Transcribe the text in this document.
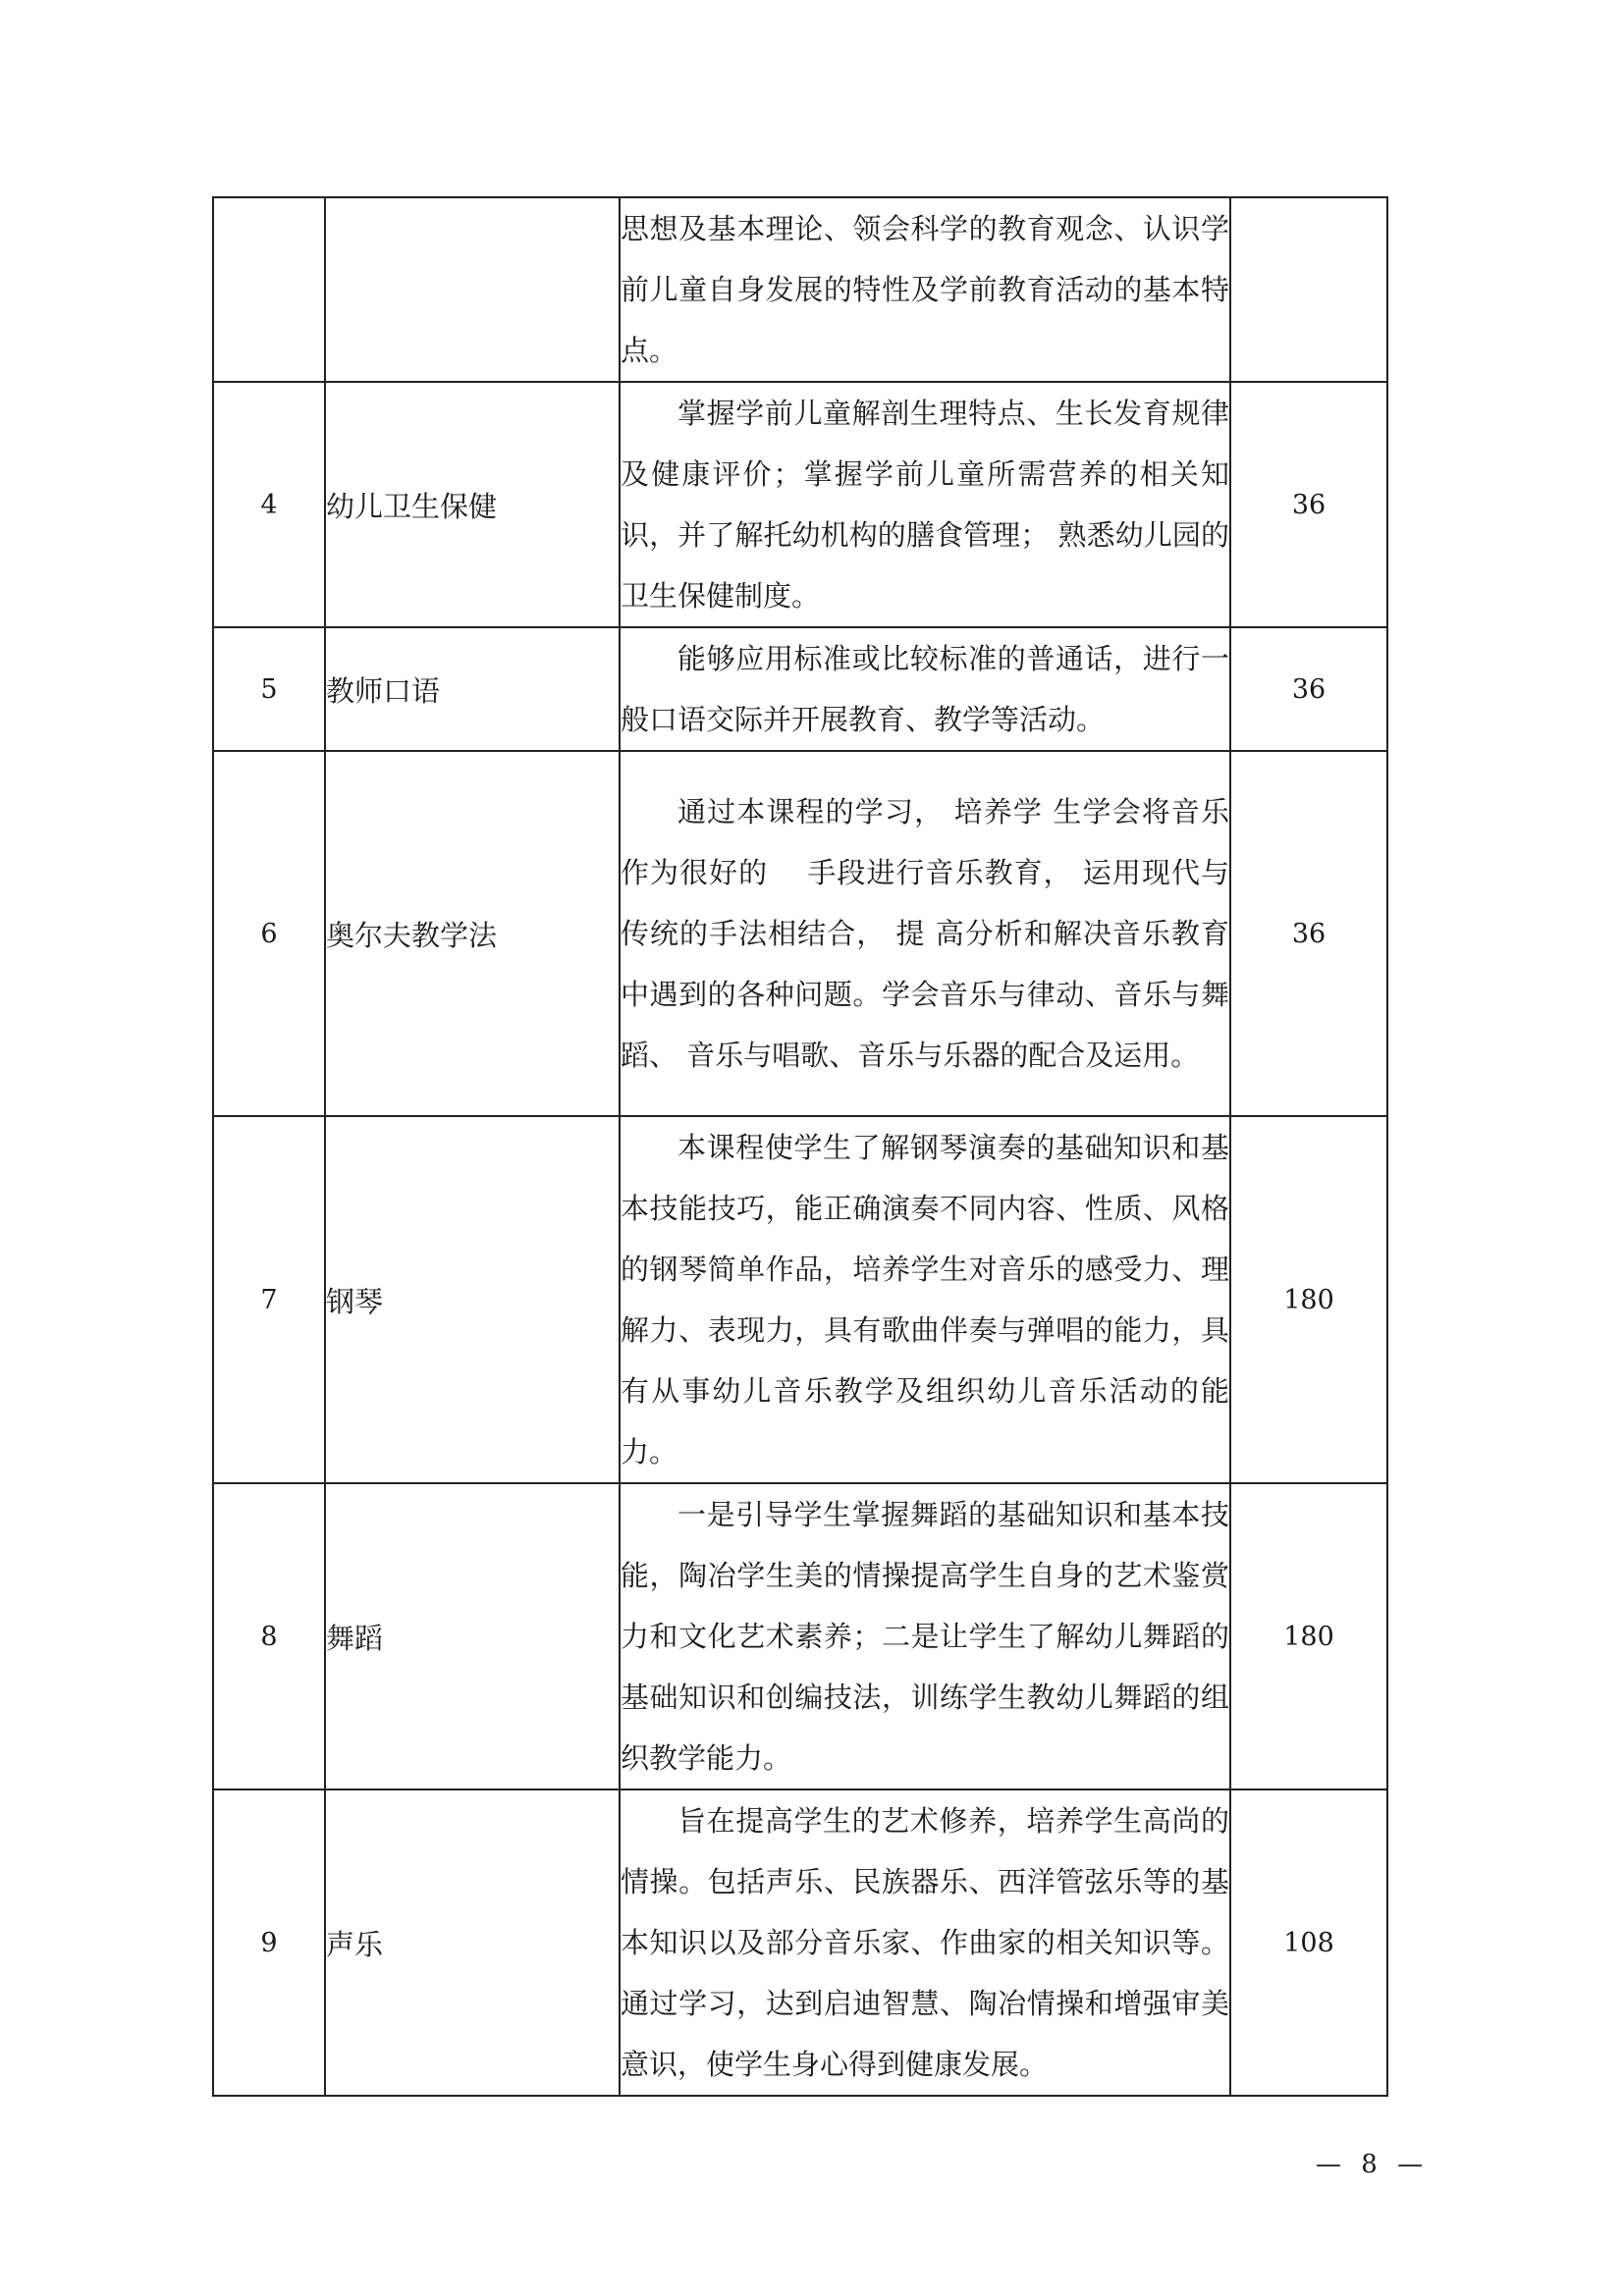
		思想及基本理论、领会科学的教育观念、认识学前儿童自身发展的特性及学前教育活动的基本特点。	

4	幼儿卫生保健	掌握学前儿童解剖生理特点、生长发育规律及健康评价；掌握学前儿童所需营养的相关知识，并了解托幼机构的膳食管理； 熟悉幼儿园的卫生保健制度。	36
5	教师口语	能够应用标准或比较标准的普通话，进行一般口语交际并开展教育、教学等活动。	36
6	奥尔夫教学法	通过本课程的学习， 培养学 生学会将音乐作为很好的　 手段进行音乐教育， 运用现代与传统的手法相结合， 提 高分析和解决音乐教育中遇到的各种问题。学会音乐与律动、音乐与舞蹈、 音乐与唱歌、音乐与乐器的配合及运用。	36
7	钢琴	本课程使学生了解钢琴演奏的基础知识和基本技能技巧，能正确演奏不同内容、性质、风格的钢琴简单作品，培养学生对音乐的感受力、理解力、表现力，具有歌曲伴奏与弹唱的能力，具有从事幼儿音乐教学及组织幼儿音乐活动的能力。	180
8	舞蹈	一是引导学生掌握舞蹈的基础知识和基本技能，陶冶学生美的情操提高学生自身的艺术鉴赏力和文化艺术素养；二是让学生了解幼儿舞蹈的基础知识和创编技法，训练学生教幼儿舞蹈的组织教学能力。	180
9	声乐	旨在提高学生的艺术修养，培养学生高尚的情操。包括声乐、民族器乐、西洋管弦乐等的基本知识以及部分音乐家、作曲家的相关知识等。通过学习，达到启迪智慧、陶冶情操和增强审美意识，使学生身心得到健康发展。	108
— 8 —
